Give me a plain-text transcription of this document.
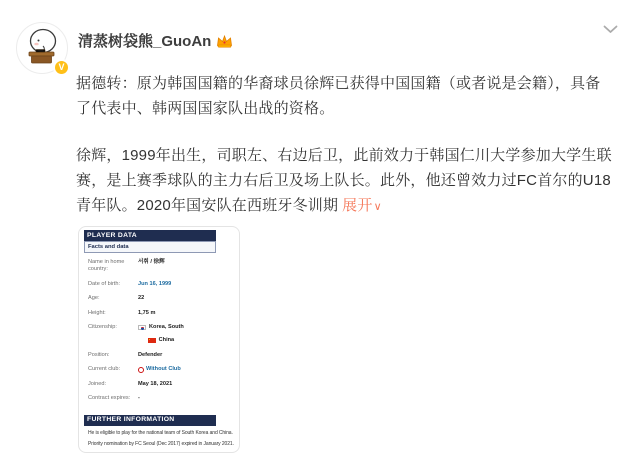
V
清蒸树袋熊_GuoAn

据德转：原为韩国国籍的华裔球员徐辉已获得中国国籍（或者说是会籍），具备了代表中、韩两国国家队出战的资格。

徐辉，1999年出生，司职左、右边后卫，此前效力于韩国仁川大学参加大学生联赛，是上赛季球队的主力右后卫及场上队长。此外，他还曾效力过FC首尔的U18青年队。2020年国安队在西班牙冬训期 展开∨

PLAYER DATA
Facts and data
Name in home country:
서휘 / 徐辉
Date of birth:	Jun 16, 1999
Age:	22
Height:	1,75 m
Citizenship:	Korea, South
China
Position:	Defender
Current club:	Without Club
Joined:	May 18, 2021
Contract expires:	-
FURTHER INFORMATION

He is eligible to play for the national team of South Korea and China.

Priority nomination by FC Seoul (Dec 2017) expired in January 2021.
